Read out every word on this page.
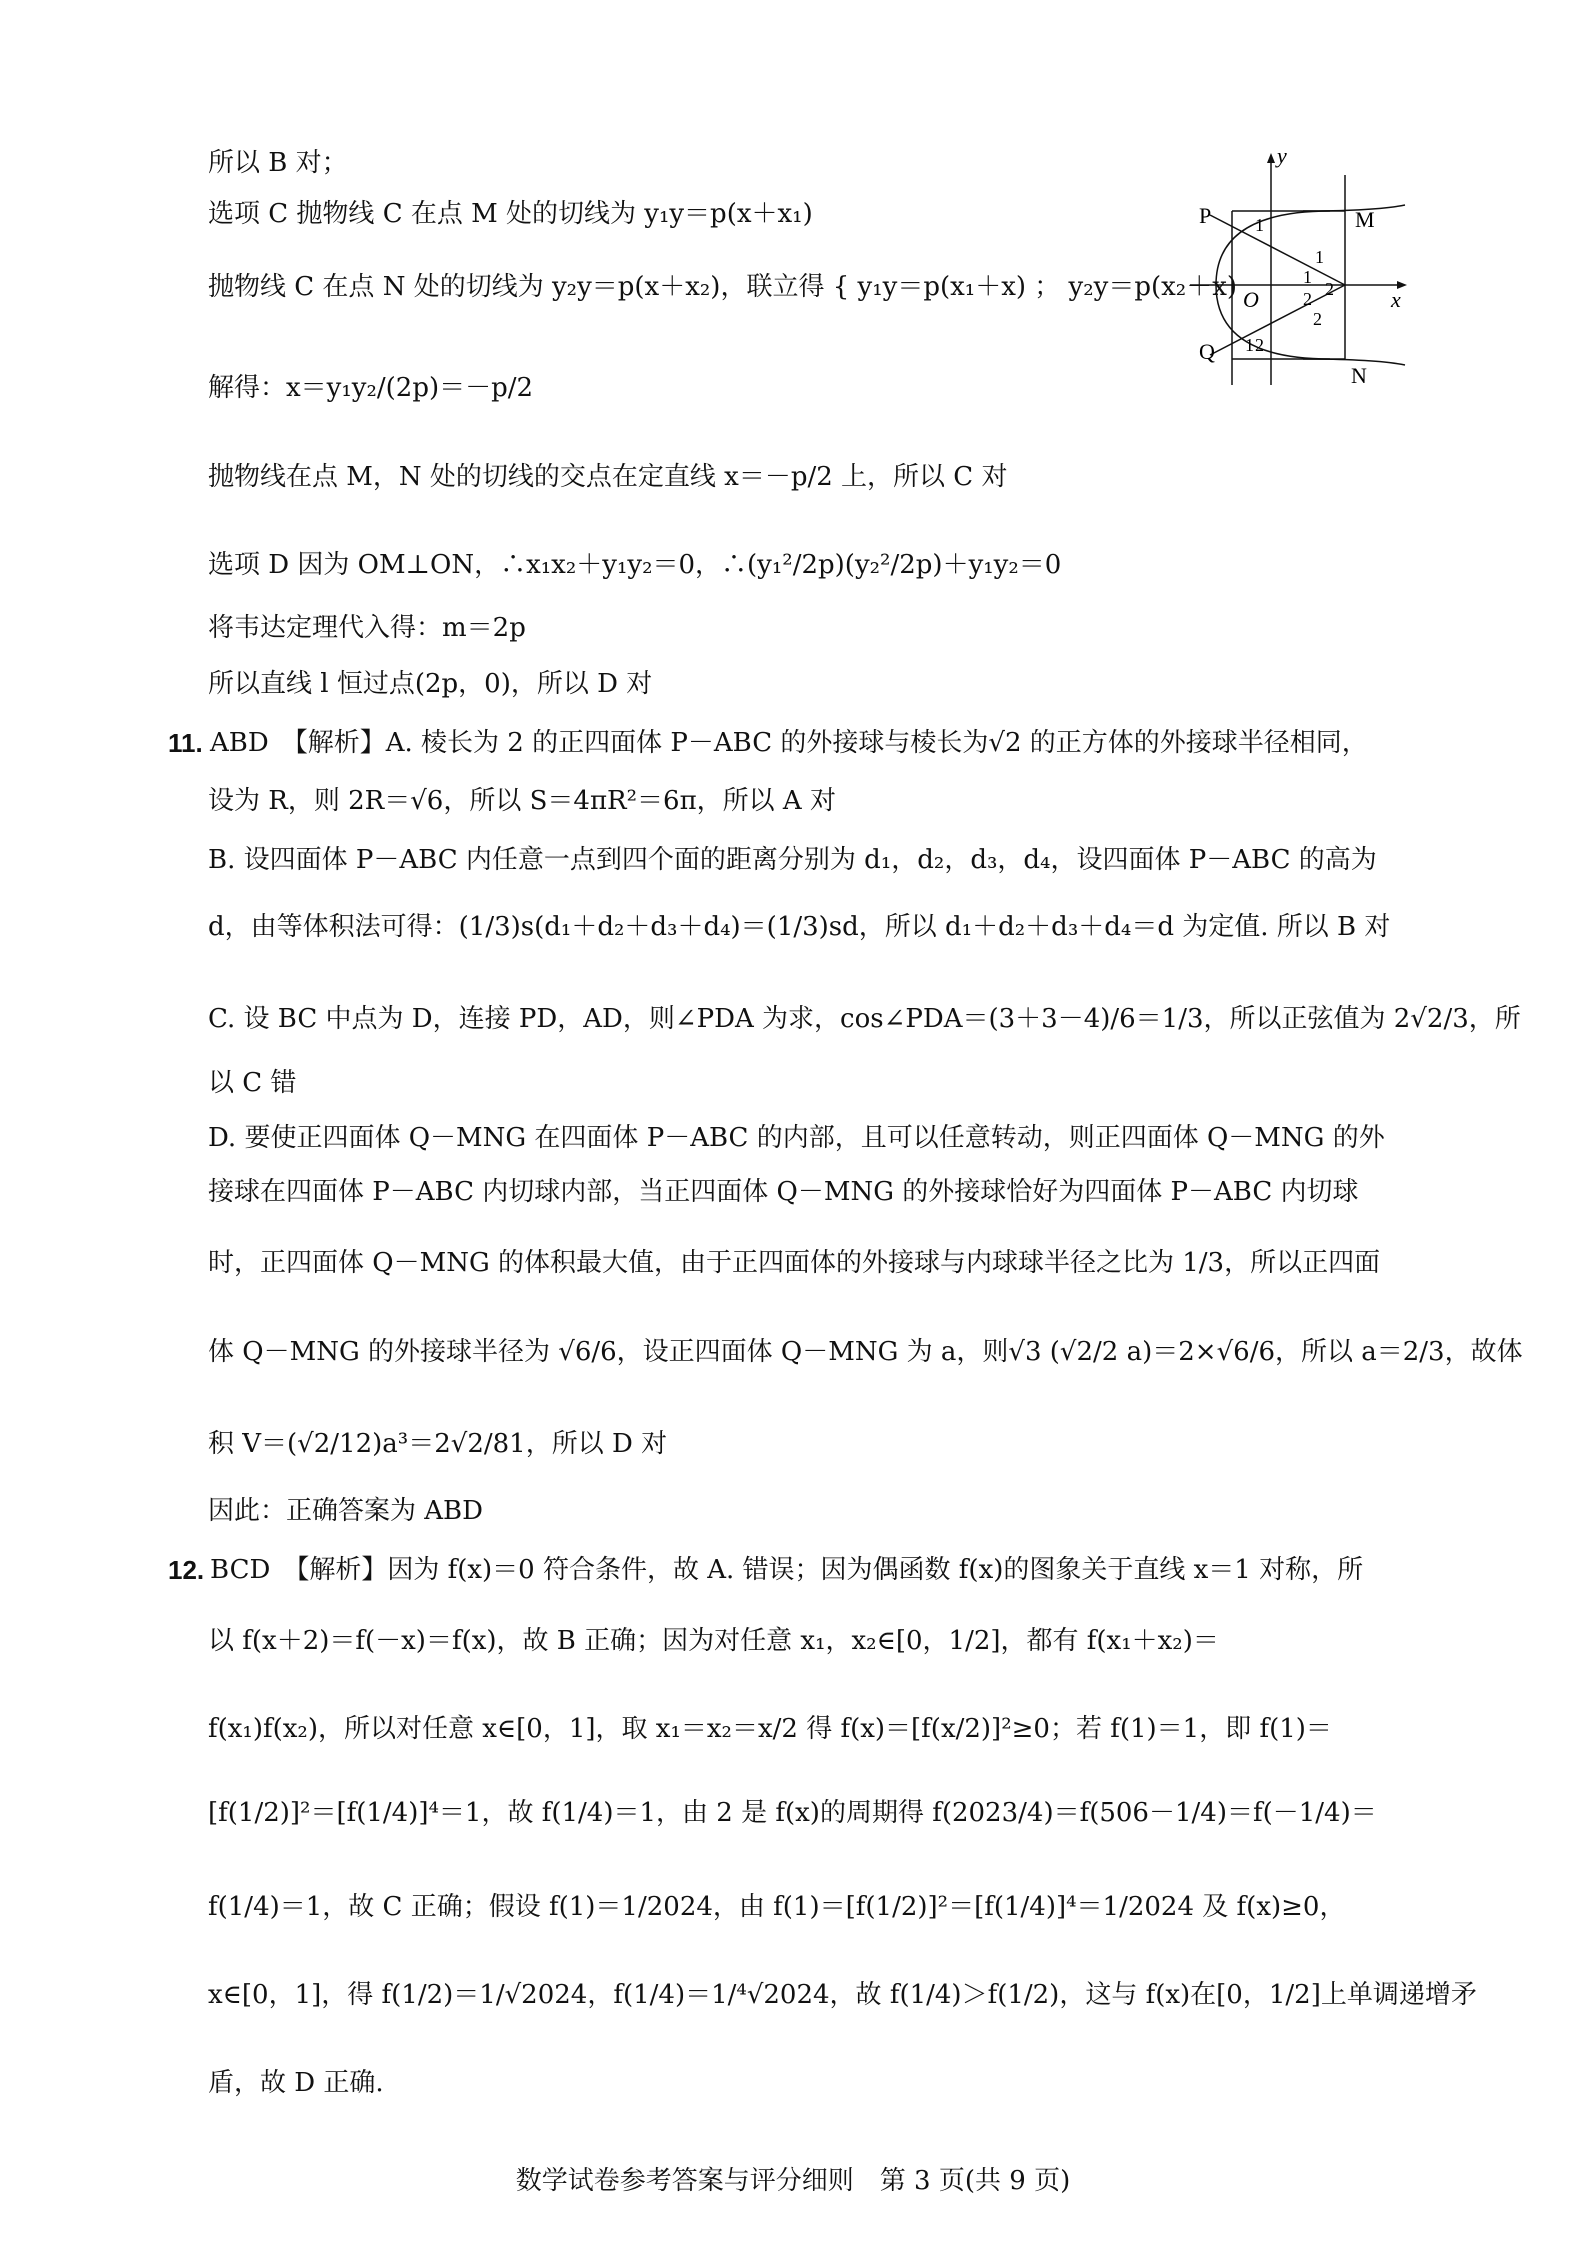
所以 B 对；
选项 C 抛物线 C 在点 M 处的切线为 y₁y＝p(x＋x₁)
抛物线 C 在点 N 处的切线为 y₂y＝p(x＋x₂)，联立得 { y₁y＝p(x₁＋x) ； y₂y＝p(x₂＋x)
解得：x＝y₁y₂/(2p)＝－p/2
抛物线在点 M，N 处的切线的交点在定直线 x＝－p/2 上，所以 C 对
选项 D 因为 OM⊥ON，∴x₁x₂＋y₁y₂＝0，∴(y₁²/2p)(y₂²/2p)＋y₁y₂＝0
将韦达定理代入得：m＝2p
所以直线 l 恒过点(2p，0)，所以 D 对
11. ABD　【解析】A. 棱长为 2 的正四面体 P－ABC 的外接球与棱长为√2 的正方体的外接球半径相同，
设为 R，则 2R＝√6，所以 S＝4πR²＝6π，所以 A 对
B. 设四面体 P－ABC 内任意一点到四个面的距离分别为 d₁，d₂，d₃，d₄，设四面体 P－ABC 的高为
d，由等体积法可得：(1/3)s(d₁＋d₂＋d₃＋d₄)＝(1/3)sd，所以 d₁＋d₂＋d₃＋d₄＝d 为定值. 所以 B 对
C. 设 BC 中点为 D，连接 PD，AD，则∠PDA 为求，cos∠PDA＝(3＋3－4)/6＝1/3，所以正弦值为 2√2/3，所
以 C 错
D. 要使正四面体 Q－MNG 在四面体 P－ABC 的内部，且可以任意转动，则正四面体 Q－MNG 的外
接球在四面体 P－ABC 内切球内部，当正四面体 Q－MNG 的外接球恰好为四面体 P－ABC 内切球
时，正四面体 Q－MNG 的体积最大值，由于正四面体的外接球与内球球半径之比为 1/3，所以正四面
体 Q－MNG 的外接球半径为 √6/6，设正四面体 Q－MNG 为 a，则√3 (√2/2 a)＝2×√6/6，所以 a＝2/3，故体
积 V＝(√2/12)a³＝2√2/81，所以 D 对
因此：正确答案为 ABD
12. BCD　【解析】因为 f(x)＝0 符合条件，故 A. 错误；因为偶函数 f(x)的图象关于直线 x＝1 对称，所
以 f(x＋2)＝f(－x)＝f(x)，故 B 正确；因为对任意 x₁，x₂∈[0，1/2]，都有 f(x₁＋x₂)＝
f(x₁)f(x₂)，所以对任意 x∈[0，1]，取 x₁＝x₂＝x/2 得 f(x)＝[f(x/2)]²≥0；若 f(1)＝1，即 f(1)＝
[f(1/2)]²＝[f(1/4)]⁴＝1，故 f(1/4)＝1，由 2 是 f(x)的周期得 f(2023/4)＝f(506－1/4)＝f(－1/4)＝
f(1/4)＝1，故 C 正确；假设 f(1)＝1/2024，由 f(1)＝[f(1/2)]²＝[f(1/4)]⁴＝1/2024 及 f(x)≥0，
x∈[0，1]，得 f(1/2)＝1/√2024，f(1/4)＝1/⁴√2024，故 f(1/4)＞f(1/2)，这与 f(x)在[0，1/2]上单调递增矛
盾，故 D 正确.
y
x
O
P	M
Q
N
1
1
1
2 2
2
1 2
数学试卷参考答案与评分细则　第 3 页(共 9 页)
